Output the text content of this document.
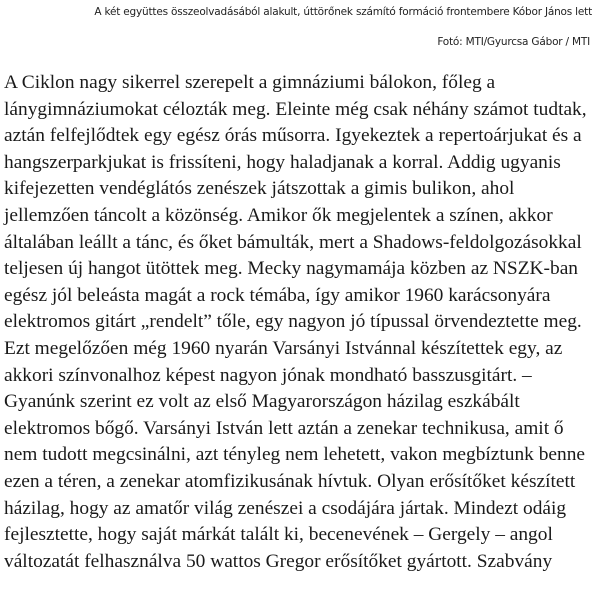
A két együttes összeolvadásából alakult, úttörőnek számító formáció frontembere Kóbor János lett
Fotó: MTI/Gyurcsa Gábor / MTI
A Ciklon nagy sikerrel szerepelt a gimnáziumi bálokon, főleg a
lánygimnáziumokat célozták meg. Eleinte még csak néhány számot tudtak,
aztán felfejlődtek egy egész órás műsorra. Igyekeztek a repertoárjukat és a
hangszerparkjukat is frissíteni, hogy haladjanak a korral. Addig ugyanis
kifejezetten vendéglátós zenészek játszottak a gimis bulikon, ahol
jellemzően táncolt a közönség. Amikor ők megjelentek a színen, akkor
általában leállt a tánc, és őket bámulták, mert a Shadows-feldolgozásokkal
teljesen új hangot ütöttek meg. Mecky nagymamája közben az NSZK-ban
egész jól beleásta magát a rock témába, így amikor 1960 karácsonyára
elektromos gitárt „rendelt” tőle, egy nagyon jó típussal örvendeztette meg.
Ezt megelőzően még 1960 nyarán Varsányi Istvánnal készítettek egy, az
akkori színvonalhoz képest nagyon jónak mondható basszusgitárt. –
Gyanúnk szerint ez volt az első Magyarországon házilag eszkábált
elektromos bőgő. Varsányi István lett aztán a zenekar technikusa, amit ő
nem tudott megcsinálni, azt tényleg nem lehetett, vakon megbíztunk benne
ezen a téren, a zenekar atomfizikusának hívtuk. Olyan erősítőket készített
házilag, hogy az amatőr világ zenészei a csodájára jártak. Mindezt odáig
fejlesztette, hogy saját márkát talált ki, becenevének – Gergely – angol
változatát felhasználva 50 wattos Gregor erősítőket gyártott. Szabvány
